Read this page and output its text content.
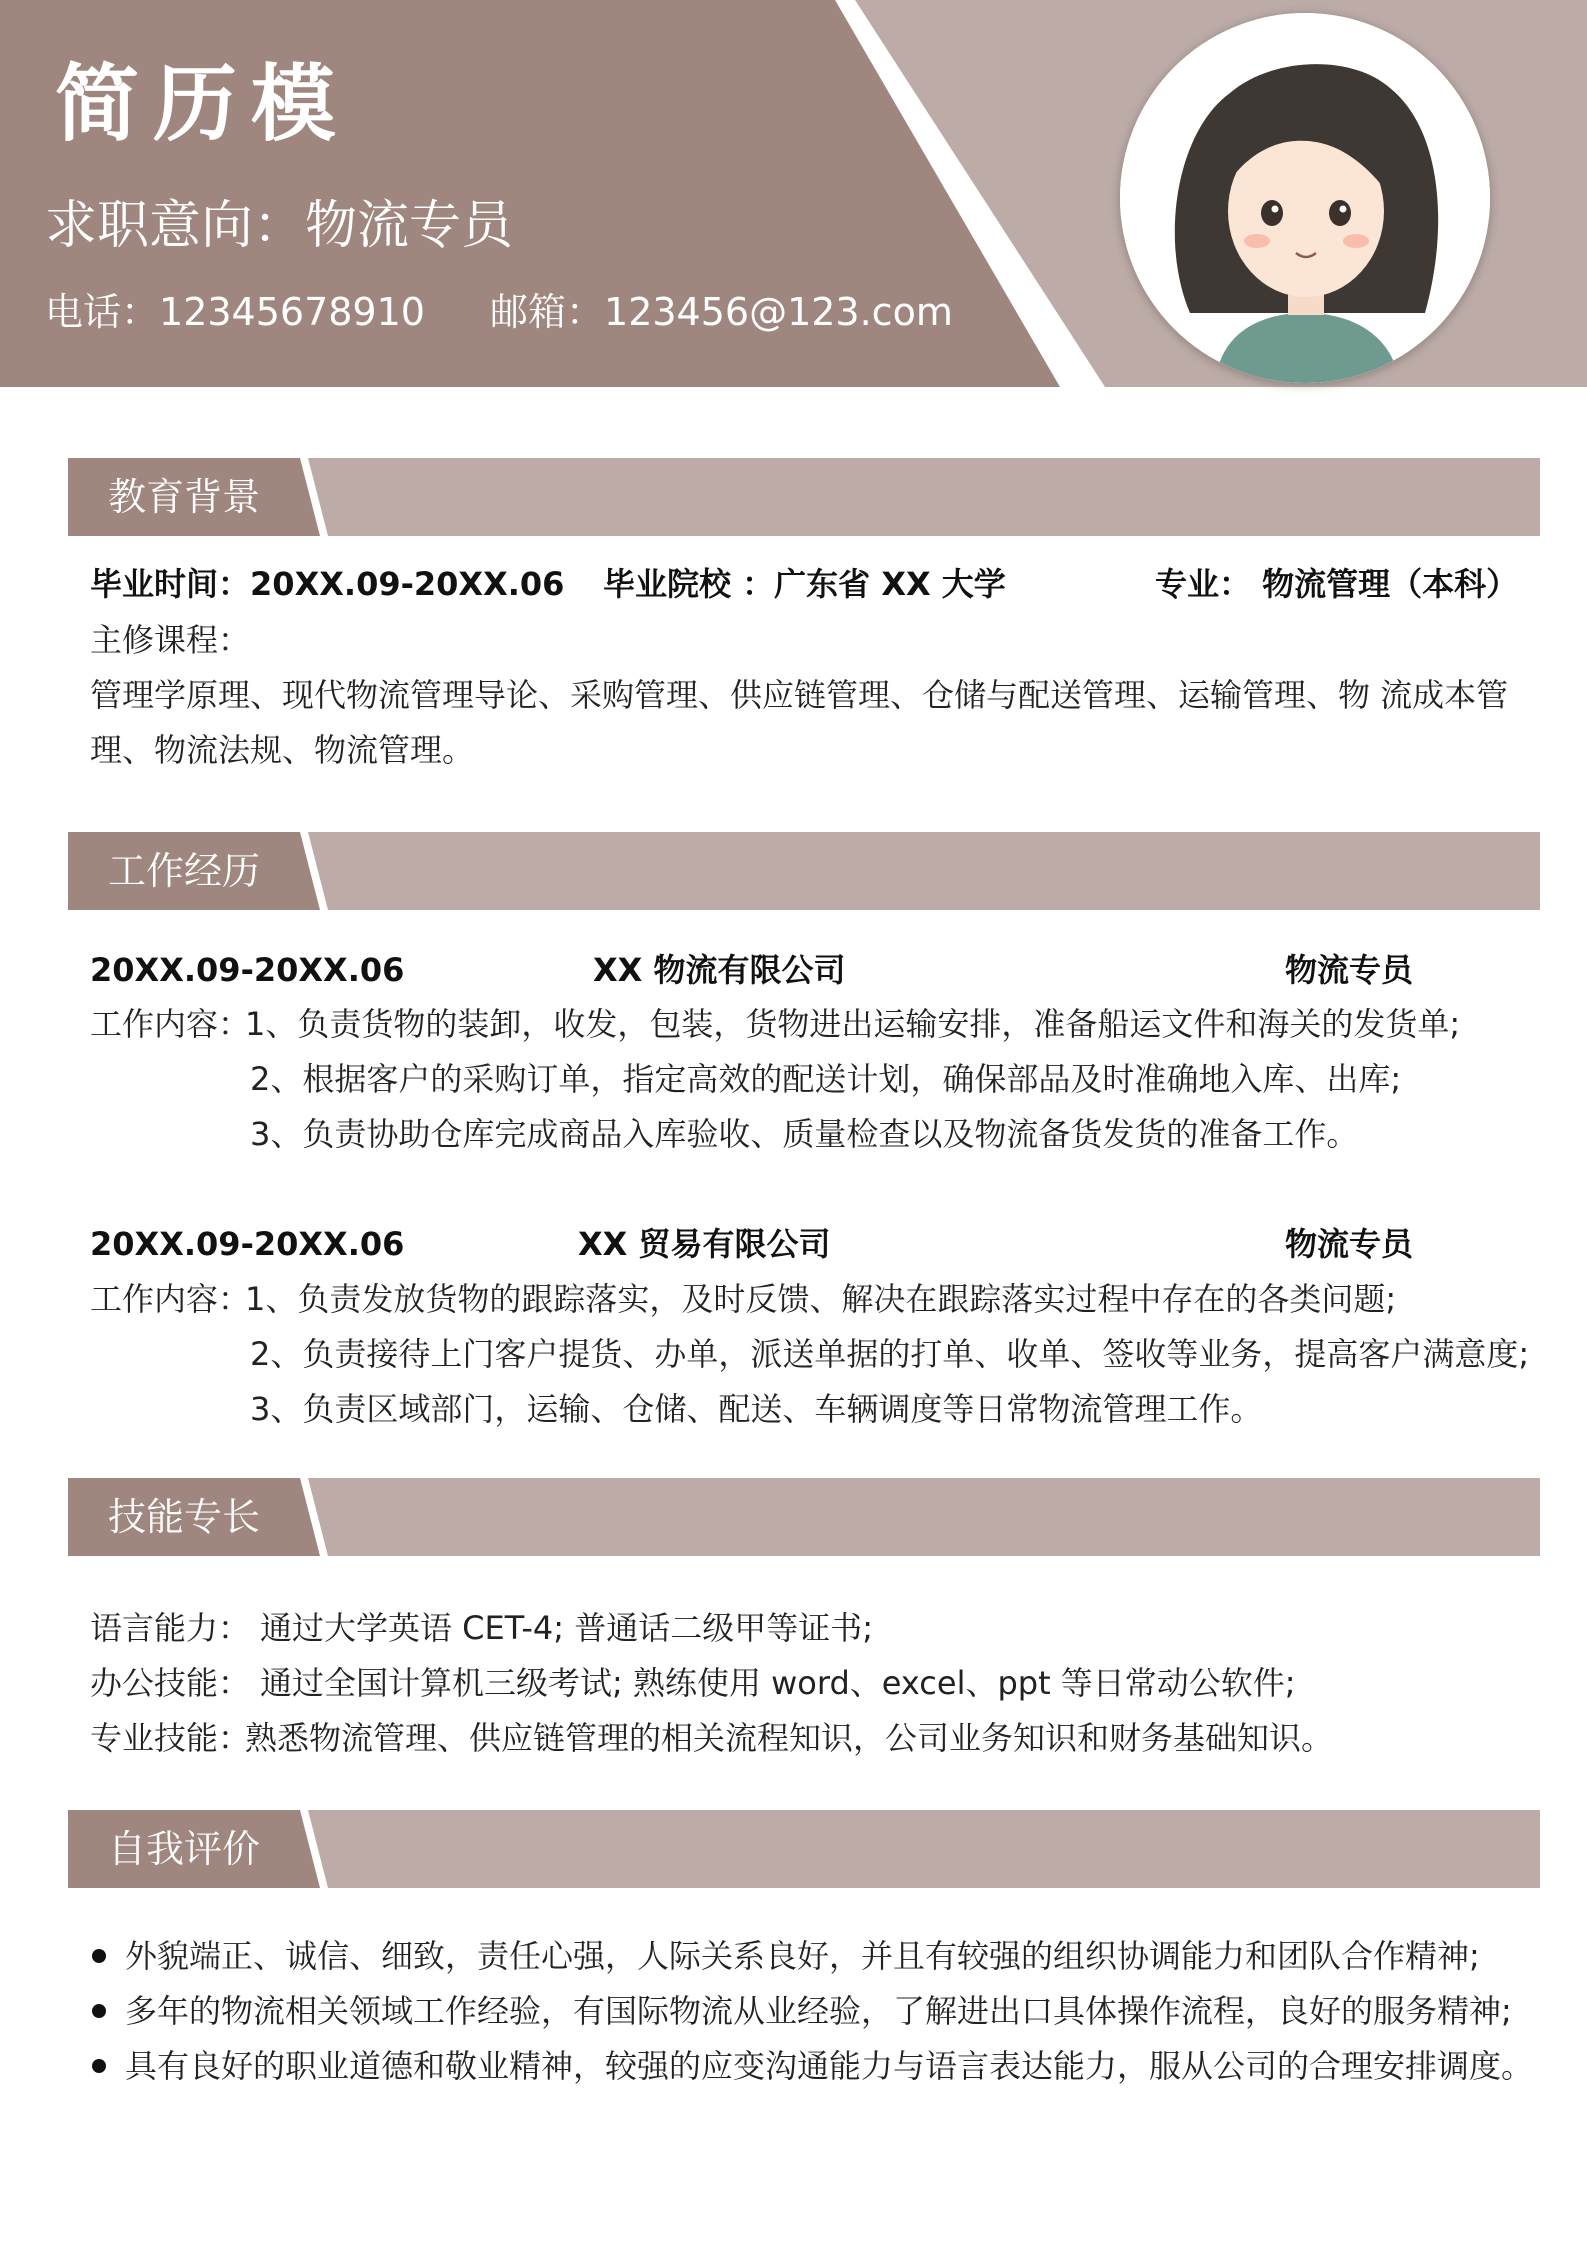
简历模
求职意向：物流专员
电话：12345678910 邮箱：123456@123.com
教育背景
毕业时间：20XX.09-20XX.06 毕业院校 ：广东省 XX 大学	专业： 物流管理（本科）
主修课程：
管理学原理、现代物流管理导论、采购管理、供应链管理、仓储与配送管理、运输管理、物 流成本管
理、物流法规、物流管理。
工作经历
20XX.09-20XX.06	XX 物流有限公司	物流专员
工作内容：
1、负责货物的装卸，收发，包装，货物进出运输安排，准备船运文件和海关的发货单;
2、根据客户的采购订单，指定高效的配送计划，确保部品及时准确地入库、出库;
3、负责协助仓库完成商品入库验收、质量检查以及物流备货发货的准备工作。
20XX.09-20XX.06	XX 贸易有限公司	物流专员
工作内容：
1、负责发放货物的跟踪落实，及时反馈、解决在跟踪落实过程中存在的各类问题;
2、负责接待上门客户提货、办单，派送单据的打单、收单、签收等业务，提高客户满意度;
3、负责区域部门，运输、仓储、配送、车辆调度等日常物流管理工作。
技能专长
语言能力： 通过大学英语 CET-4; 普通话二级甲等证书;
办公技能： 通过全国计算机三级考试; 熟练使用 word、excel、ppt 等日常动公软件;
专业技能：
熟悉物流管理、供应链管理的相关流程知识，公司业务知识和财务基础知识。
自我评价
外貌端正、诚信、细致，责任心强，人际关系良好，并且有较强的组织协调能力和团队合作精神;
多年的物流相关领域工作经验，有国际物流从业经验，了解进出口具体操作流程，良好的服务精神;
具有良好的职业道德和敬业精神，较强的应变沟通能力与语言表达能力，服从公司的合理安排调度。
